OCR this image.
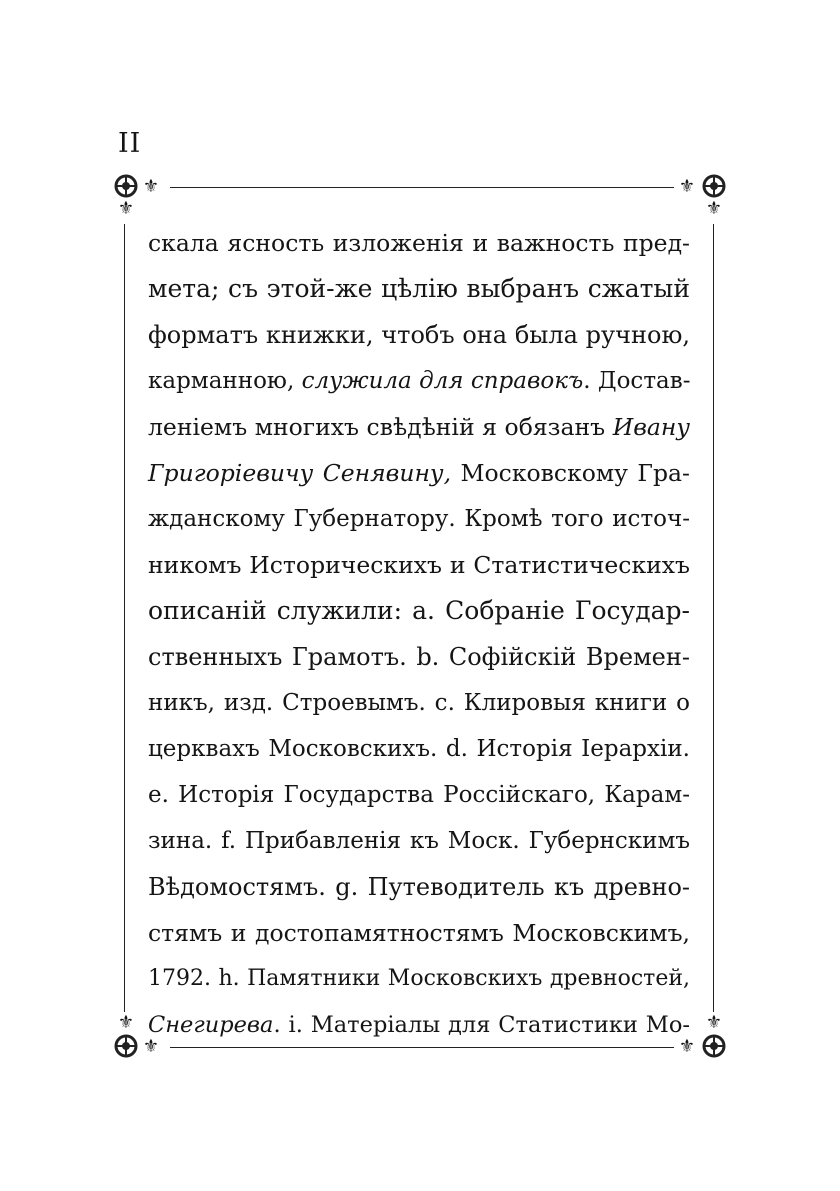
II
⚜	⚜
⚜	⚜
⚜	⚜
⚜	⚜
скала ясность изложенія и важность пред-
мета; съ этой-же цѣлію выбранъ сжатый
форматъ книжки, чтобъ она была ручною,
карманною, служила для справокъ. Достав-
леніемъ многихъ свѣдѣній я обязанъ Ивану
Григоріевичу Сенявину, Московскому Гра-
жданскому Губернатору. Кромѣ того источ-
никомъ Историческихъ и Статистическихъ
описаній служили: a. Собраніе Государ-
ственныхъ Грамотъ. b. Софійскій Времен-
никъ, изд. Строевымъ. c. Клировыя книги о
церквахъ Московскихъ. d. Исторія Іерархіи.
e. Исторія Государства Россійскаго, Карам-
зина. f. Прибавленія къ Моск. Губернскимъ
Вѣдомостямъ. g. Путеводитель къ древно-
стямъ и достопамятностямъ Московскимъ,
1792. h. Памятники Московскихъ древностей,
Снегирева. i. Матеріалы для Статистики Мо-
